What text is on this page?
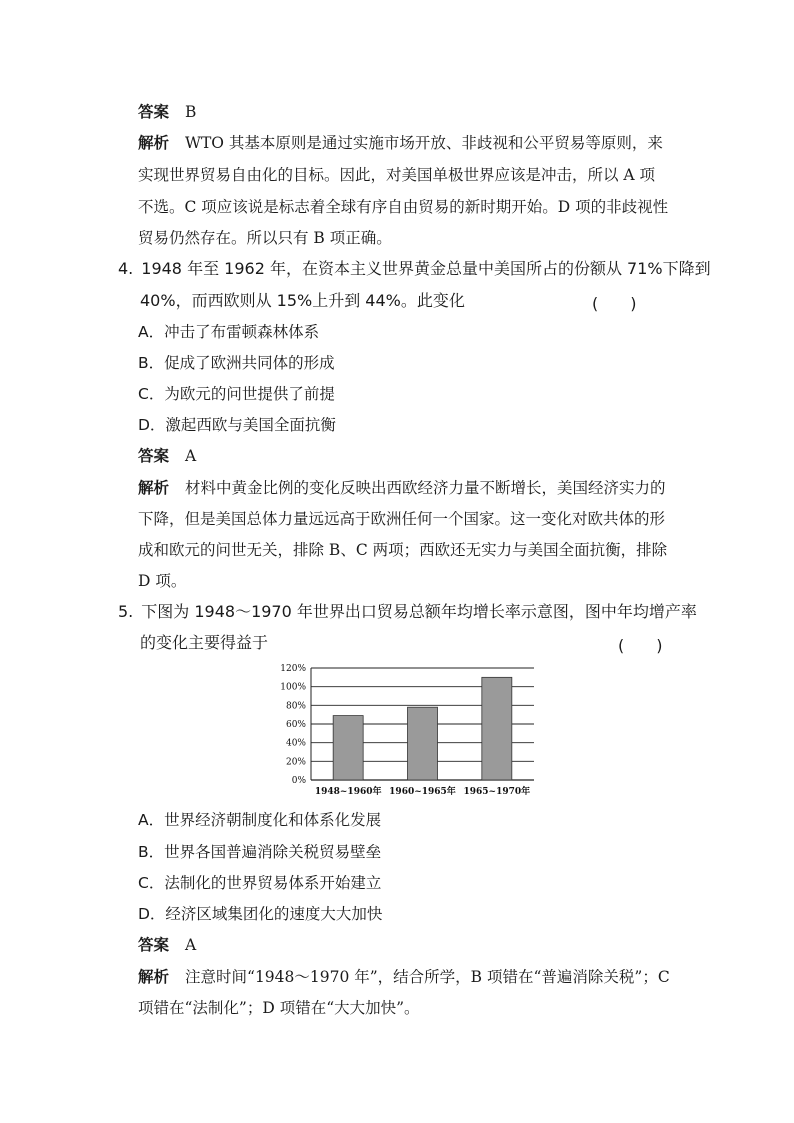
答案 B
解析 WTO 其基本原则是通过实施市场开放、非歧视和公平贸易等原则，来
实现世界贸易自由化的目标。因此，对美国单极世界应该是冲击，所以 A 项
不选。C 项应该说是标志着全球有序自由贸易的新时期开始。D 项的非歧视性
贸易仍然存在。所以只有 B 项正确。
4. 1948 年至 1962 年，在资本主义世界黄金总量中美国所占的份额从 71%下降到
40%，而西欧则从 15%上升到 44%。此变化	(　　)
A．冲击了布雷顿森林体系
B．促成了欧洲共同体的形成
C．为欧元的问世提供了前提
D．激起西欧与美国全面抗衡
答案 A
解析 材料中黄金比例的变化反映出西欧经济力量不断增长，美国经济实力的
下降，但是美国总体力量远远高于欧洲任何一个国家。这一变化对欧共体的形
成和欧元的问世无关，排除 B、C 两项；西欧还无实力与美国全面抗衡，排除
D 项。
5. 下图为 1948～1970 年世界出口贸易总额年均增长率示意图，图中年均增产率
的变化主要得益于	(　　)
0%
20%
40%
60%
80%
100%
120%
1948~1960年 1960~1965年 1965~1970年
A．世界经济朝制度化和体系化发展
B．世界各国普遍消除关税贸易壁垒
C．法制化的世界贸易体系开始建立
D．经济区域集团化的速度大大加快
答案 A
解析 注意时间“1948～1970 年”，结合所学，B 项错在“普遍消除关税”；C
项错在“法制化”；D 项错在“大大加快”。
